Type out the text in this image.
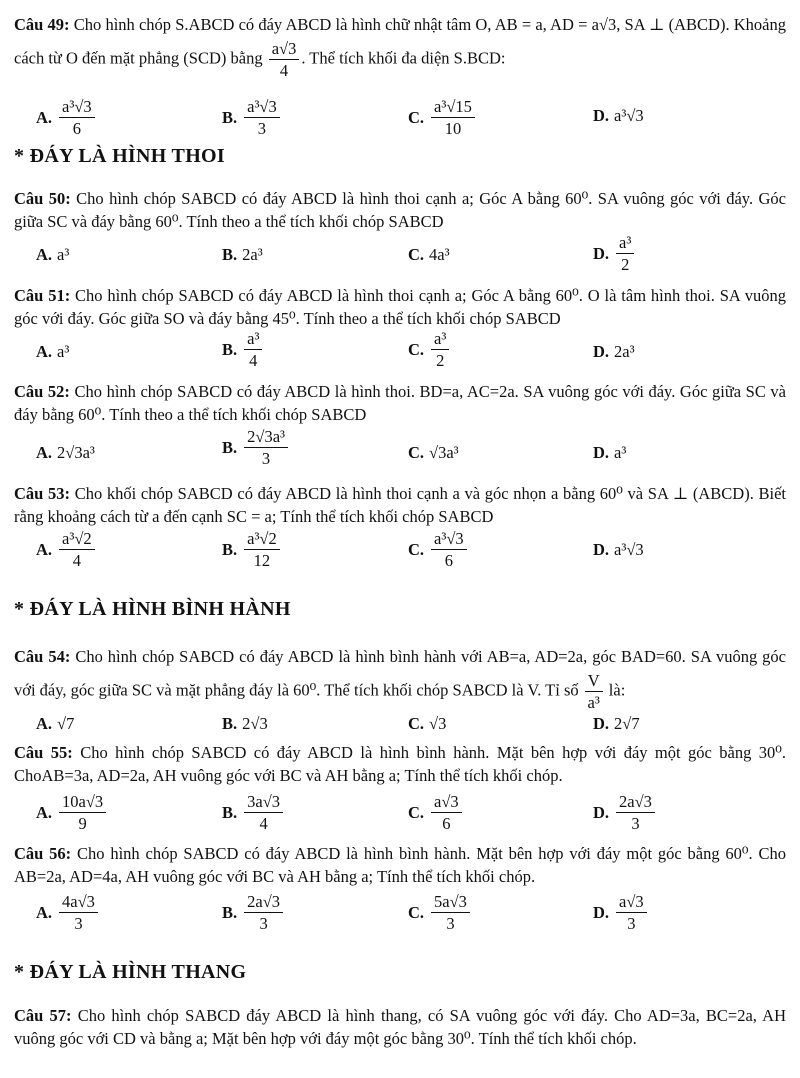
Câu 49: Cho hình chóp S.ABCD có đáy ABCD là hình chữ nhật tâm O, AB = a, AD = a√3, SA ⊥ (ABCD). Khoảng cách từ O đến mặt phẳng (SCD) bằng $\frac{a√3}{4}$ . Thể tích khối đa diện S.BCD:
A. $\frac{\text{a³√3}}{6}$	B. $\frac{\text{a³√3}}{3}$	C. $\frac{\text{a³√15}}{10}$	D. a³√3
* ĐÁY LÀ HÌNH THOI
Câu 50: Cho hình chóp SABCD có đáy ABCD là hình thoi cạnh a; Góc A bằng 60⁰. SA vuông góc với đáy. Góc giữa SC và đáy bằng 60⁰. Tính theo a thể tích khối chóp SABCD
A. a³	B. 2a³	C. 4a³	D. $\frac{\text{a³}}{2}$
Câu 51: Cho hình chóp SABCD có đáy ABCD là hình thoi cạnh a; Góc A bằng 60⁰. O là tâm hình thoi. SA vuông góc với đáy. Góc giữa SO và đáy bằng 45⁰. Tính theo a thể tích khối chóp SABCD
A. a³	B. $\frac{\text{a³}}{4}$	C. $\frac{\text{a³}}{2}$	D. 2a³
Câu 52: Cho hình chóp SABCD có đáy ABCD là hình thoi. BD=a, AC=2a. SA vuông góc với đáy. Góc giữa SC và đáy bằng 60⁰. Tính theo a thể tích khối chóp SABCD
A. 2√3a³	B. $\frac{\text{2√3a³}}{3}$	C. √3a³	D. a³
Câu 53: Cho khối chóp SABCD có đáy ABCD là hình thoi cạnh a và góc nhọn a bằng 60⁰ và SA ⊥ (ABCD). Biết rằng khoảng cách từ a đến cạnh SC = a; Tính thể tích khối chóp SABCD
A. $\frac{\text{a³√2}}{4}$	B. $\frac{\text{a³√2}}{12}$	C. $\frac{\text{a³√3}}{6}$	D. a³√3
* ĐÁY LÀ HÌNH BÌNH HÀNH
Câu 54: Cho hình chóp SABCD có đáy ABCD là hình bình hành với AB=a, AD=2a, góc BAD=60. SA vuông góc với đáy, góc giữa SC và mặt phẳng đáy là 60⁰. Thể tích khối chóp SABCD là V. Tỉ số $\frac{V}{\text{a³}}$ là:
A. √7	B. 2√3	C. √3	D. 2√7
Câu 55: Cho hình chóp SABCD có đáy ABCD là hình bình hành. Mặt bên hợp với đáy một góc bằng 30⁰. ChoAB=3a, AD=2a, AH vuông góc với BC và AH bằng a; Tính thể tích khối chóp.
A. $\frac{10a√3}{9}$	B. $\frac{3a√3}{4}$	C. $\frac{a√3}{6}$	D. $\frac{2a√3}{3}$
Câu 56: Cho hình chóp SABCD có đáy ABCD là hình bình hành. Mặt bên hợp với đáy một góc bằng 60⁰. Cho AB=2a, AD=4a, AH vuông góc với BC và AH bằng a; Tính thể tích khối chóp.
A. $\frac{4a√3}{3}$	B. $\frac{2a√3}{3}$	C. $\frac{5a√3}{3}$	D. $\frac{a√3}{3}$
* ĐÁY LÀ HÌNH THANG
Câu 57: Cho hình chóp SABCD đáy ABCD là hình thang, có SA vuông góc với đáy. Cho AD=3a, BC=2a, AH vuông góc với CD và bằng a; Mặt bên hợp với đáy một góc bằng 30⁰. Tính thể tích khối chóp.
